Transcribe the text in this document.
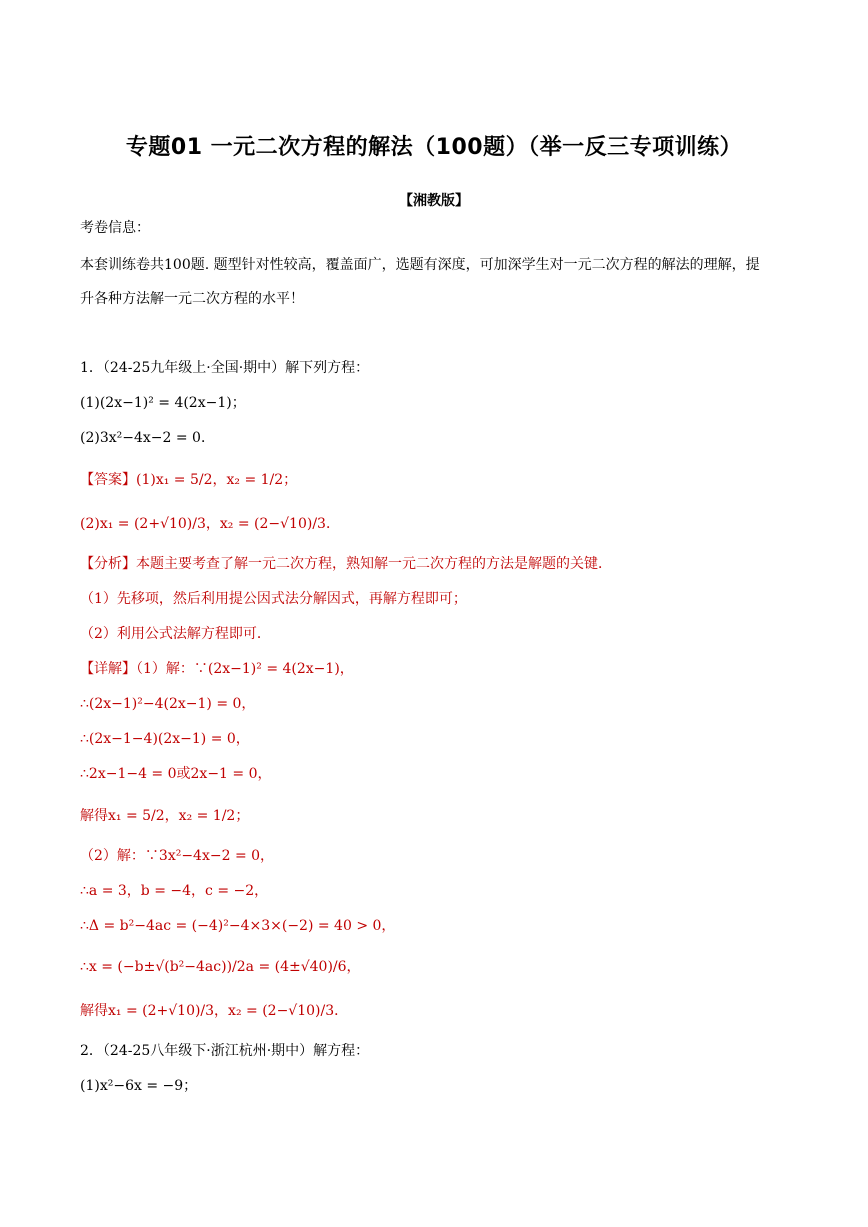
专题01 一元二次方程的解法（100题）（举一反三专项训练）
【湘教版】
考卷信息：
本套训练卷共100题. 题型针对性较高，覆盖面广，选题有深度，可加深学生对一元二次方程的解法的理解，提
升各种方法解一元二次方程的水平！
1．（24-25九年级上·全国·期中）解下列方程：
(1)(2x−1)² = 4(2x−1)；
(2)3x²−4x−2 = 0．
【答案】(1)x₁ = 5/2，x₂ = 1/2；
(2)x₁ = (2+√10)/3，x₂ = (2−√10)/3．
【分析】本题主要考查了解一元二次方程，熟知解一元二次方程的方法是解题的关键．
（1）先移项，然后利用提公因式法分解因式，再解方程即可；
（2）利用公式法解方程即可．
【详解】（1）解：∵(2x−1)² = 4(2x−1)，
∴(2x−1)²−4(2x−1) = 0，
∴(2x−1−4)(2x−1) = 0，
∴2x−1−4 = 0或2x−1 = 0，
解得x₁ = 5/2，x₂ = 1/2；
（2）解：∵3x²−4x−2 = 0，
∴a = 3，b = −4，c = −2，
∴Δ = b²−4ac = (−4)²−4×3×(−2) = 40 > 0，
∴x = (−b±√(b²−4ac))/2a = (4±√40)/6，
解得x₁ = (2+√10)/3，x₂ = (2−√10)/3．
2．（24-25八年级下·浙江杭州·期中）解方程：
(1)x²−6x = −9；
